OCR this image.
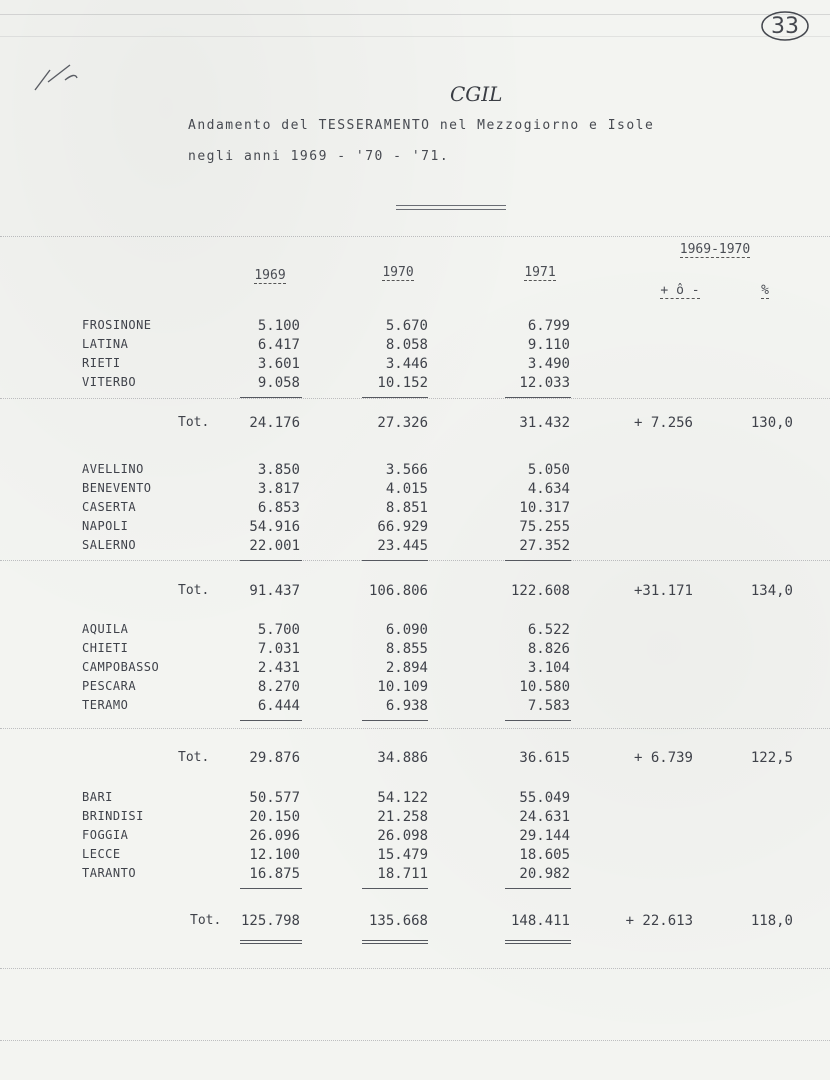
33
CGIL
Andamento del TESSERAMENTO nel Mezzogiorno e Isole
negli anni 1969 - '70 - '71.
1969	1970	1971
1969-1970
+ ô -	%
FROSINONE	5.100	5.670	6.799
LATINA	6.417	8.058	9.110
RIETI	3.601	3.446	3.490
VITERBO	9.058	10.152	12.033
Tot.	24.176	27.326	31.432	+ 7.256	130,0
AVELLINO	3.850	3.566	5.050
BENEVENTO	3.817	4.015	4.634
CASERTA	6.853	8.851	10.317
NAPOLI	54.916	66.929	75.255
SALERNO	22.001	23.445	27.352
Tot.	91.437	106.806	122.608	+31.171	134,0
AQUILA	5.700	6.090	6.522
CHIETI	7.031	8.855	8.826
CAMPOBASSO	2.431	2.894	3.104
PESCARA	8.270	10.109	10.580
TERAMO	6.444	6.938	7.583
Tot.	29.876	34.886	36.615	+ 6.739	122,5
BARI	50.577	54.122	55.049
BRINDISI	20.150	21.258	24.631
FOGGIA	26.096	26.098	29.144
LECCE	12.100	15.479	18.605
TARANTO	16.875	18.711	20.982
Tot.	125.798	135.668	148.411	+ 22.613	118,0
